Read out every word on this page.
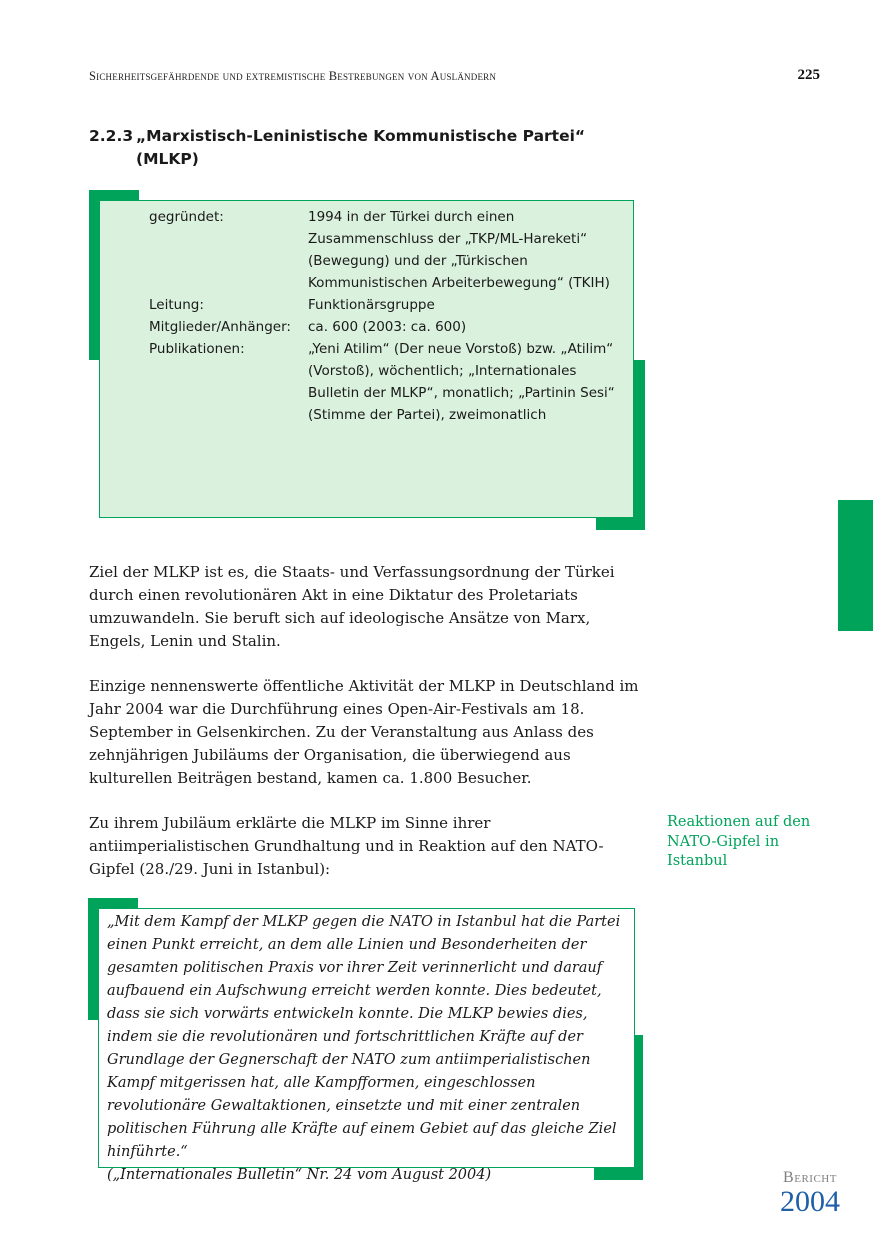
Sicherheitsgefährdende und extremistische Bestrebungen von Ausländern	225
2.2.3 „Marxistisch-Leninistische Kommunistische Partei“
(MLKP)
gegründet:	1994 in der Türkei durch einen Zusammenschluss der „TKP/ML-Hareketi“ (Bewegung) und der „Türkischen Kommunistischen Arbeiterbewegung“ (TKIH)
Leitung:	Funktionärsgruppe
Mitglieder/Anhänger:	ca. 600 (2003: ca. 600)
Publikationen:	„Yeni Atilim“ (Der neue Vorstoß) bzw. „Atilim“ (Vorstoß), wöchentlich; „Internationales Bulletin der MLKP“, monatlich; „Partinin Sesi“ (Stimme der Partei), zweimonatlich

Ziel der MLKP ist es, die Staats- und Verfassungsordnung der Türkei durch einen revolutionären Akt in eine Diktatur des Proletariats umzuwandeln. Sie beruft sich auf ideologische Ansätze von Marx, Engels, Lenin und Stalin.

Einzige nennenswerte öffentliche Aktivität der MLKP in Deutschland im Jahr 2004 war die Durchführung eines Open-Air-Festivals am 18. September in Gelsenkirchen. Zu der Veranstaltung aus Anlass des zehnjährigen Jubiläums der Organisation, die überwiegend aus kulturellen Beiträgen bestand, kamen ca. 1.800 Besucher.

Zu ihrem Jubiläum erklärte die MLKP im Sinne ihrer antiimperialistischen Grundhaltung und in Reaktion auf den NATO-Gipfel (28./29. Juni in Istanbul):

Reaktionen auf den NATO-Gipfel in Istanbul

„Mit dem Kampf der MLKP gegen die NATO in Istanbul hat die Partei einen Punkt erreicht, an dem alle Linien und Besonderheiten der gesamten politischen Praxis vor ihrer Zeit verinnerlicht und darauf aufbauend ein Aufschwung erreicht werden konnte. Dies bedeutet, dass sie sich vorwärts entwickeln konnte. Die MLKP bewies dies, indem sie die revolutionären und fortschrittlichen Kräfte auf der Grundlage der Gegnerschaft der NATO zum antiimperialistischen Kampf mitgerissen hat, alle Kampfformen, eingeschlossen revolutionäre Gewaltaktionen, einsetzte und mit einer zentralen politischen Führung alle Kräfte auf einem Gebiet auf das gleiche Ziel hinführte.“
(„Internationales Bulletin“ Nr. 24 vom August 2004)	Bericht
2004
